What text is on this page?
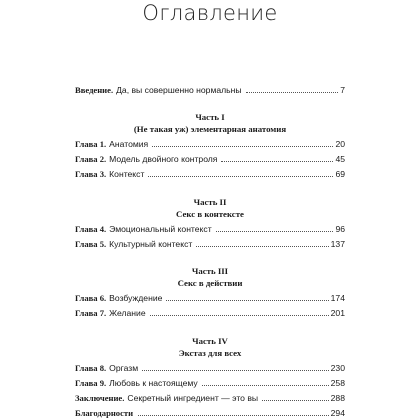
Оглавление
Введение. Да, вы совершенно нормальны	7
Часть I
(Не такая уж) элементарная анатомия
Глава 1. Анатомия	20
Глава 2. Модель двойного контроля	45
Глава 3. Контекст	69
Часть II
Секс в контексте
Глава 4. Эмоциональный контекст	96
Глава 5. Культурный контекст	137
Часть III
Секс в действии
Глава 6. Возбуждение	174
Глава 7. Желание	201
Часть IV
Экстаз для всех
Глава 8. Оргазм	230
Глава 9. Любовь к настоящему	258
Заключение. Секретный ингредиент — это вы	288
Благодарности	294
